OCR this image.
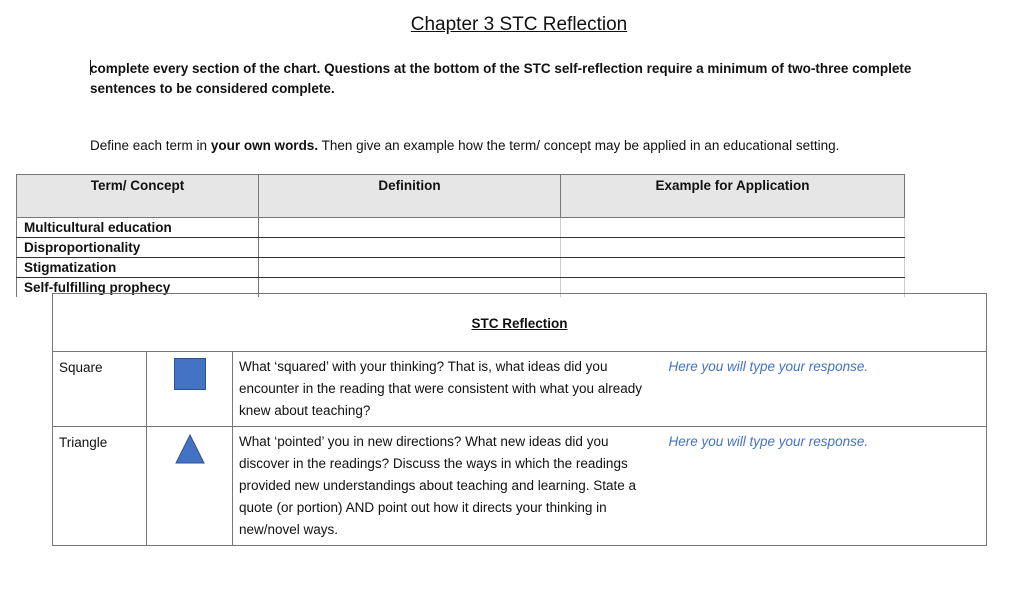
Chapter 3 STC Reflection
complete every section of the chart. Questions at the bottom of the STC self-reflection require a minimum of two-three complete sentences to be considered complete.
Define each term in your own words. Then give an example how the term/ concept may be applied in an educational setting.
Term/ Concept	Definition	Example for Application
Multicultural education		
Disproportionality		
Stigmatization		
Self-fulfilling prophecy		
STC Reflection			
Square		What ‘squared’ with your thinking? That is, what ideas did you encounter in the reading that were consistent with what you already knew about teaching?	Here you will type your response.
Triangle		What ‘pointed’ you in new directions? What new ideas did you discover in the readings? Discuss the ways in which the readings provided new understandings about teaching and learning. State a quote (or portion) AND point out how it directs your thinking in new/novel ways.	Here you will type your response.
